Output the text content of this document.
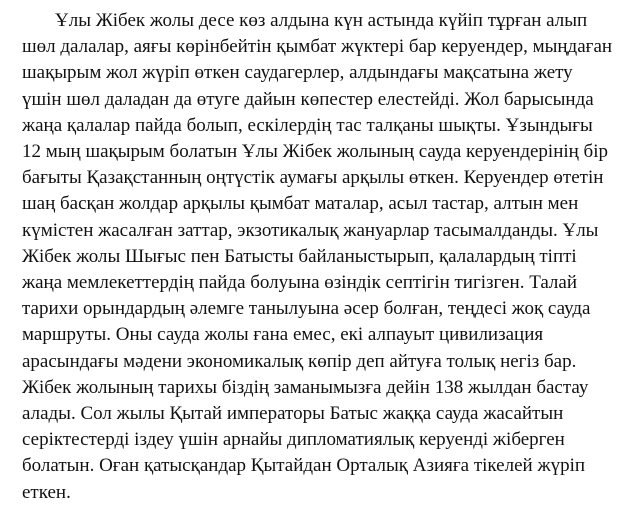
Ұлы Жібек жолы десе көз алдына күн астында күйіп тұрған алып
шөл далалар, аяғы көрінбейтін қымбат жүктері бар керуендер, мыңдаған
шақырым жол жүріп өткен саудагерлер, алдындағы мақсатына жету
үшін шөл даладан да өтуге дайын көпестер елестейді. Жол барысында
жаңа қалалар пайда болып, ескілердің тас талқаны шықты. Ұзындығы
12 мың шақырым болатын Ұлы Жібек жолының сауда керуендерінің бір
бағыты Қазақстанның оңтүстік аумағы арқылы өткен. Керуендер өтетін
шаң басқан жолдар арқылы қымбат маталар, асыл тастар, алтын мен
күмістен жасалған заттар, экзотикалық жануарлар тасымалданды. Ұлы
Жібек жолы Шығыс пен Батысты байланыстырып, қалалардың тіпті
жаңа мемлекеттердің пайда болуына өзіндік септігін тигізген. Талай
тарихи орындардың әлемге танылуына әсер болған, теңдесі жоқ сауда
маршруты. Оны сауда жолы ғана емес, екі алпауыт цивилизация
арасындағы мәдени экономикалық көпір деп айтуға толық негіз бар.
Жібек жолының тарихы біздің заманымызға дейін 138 жылдан бастау
алады. Сол жылы Қытай императоры Батыс жаққа сауда жасайтын
серіктестерді іздеу үшін арнайы дипломатиялық керуенді жіберген
болатын. Оған қатысқандар Қытайдан Орталық Азияға тікелей жүріп
еткен.
